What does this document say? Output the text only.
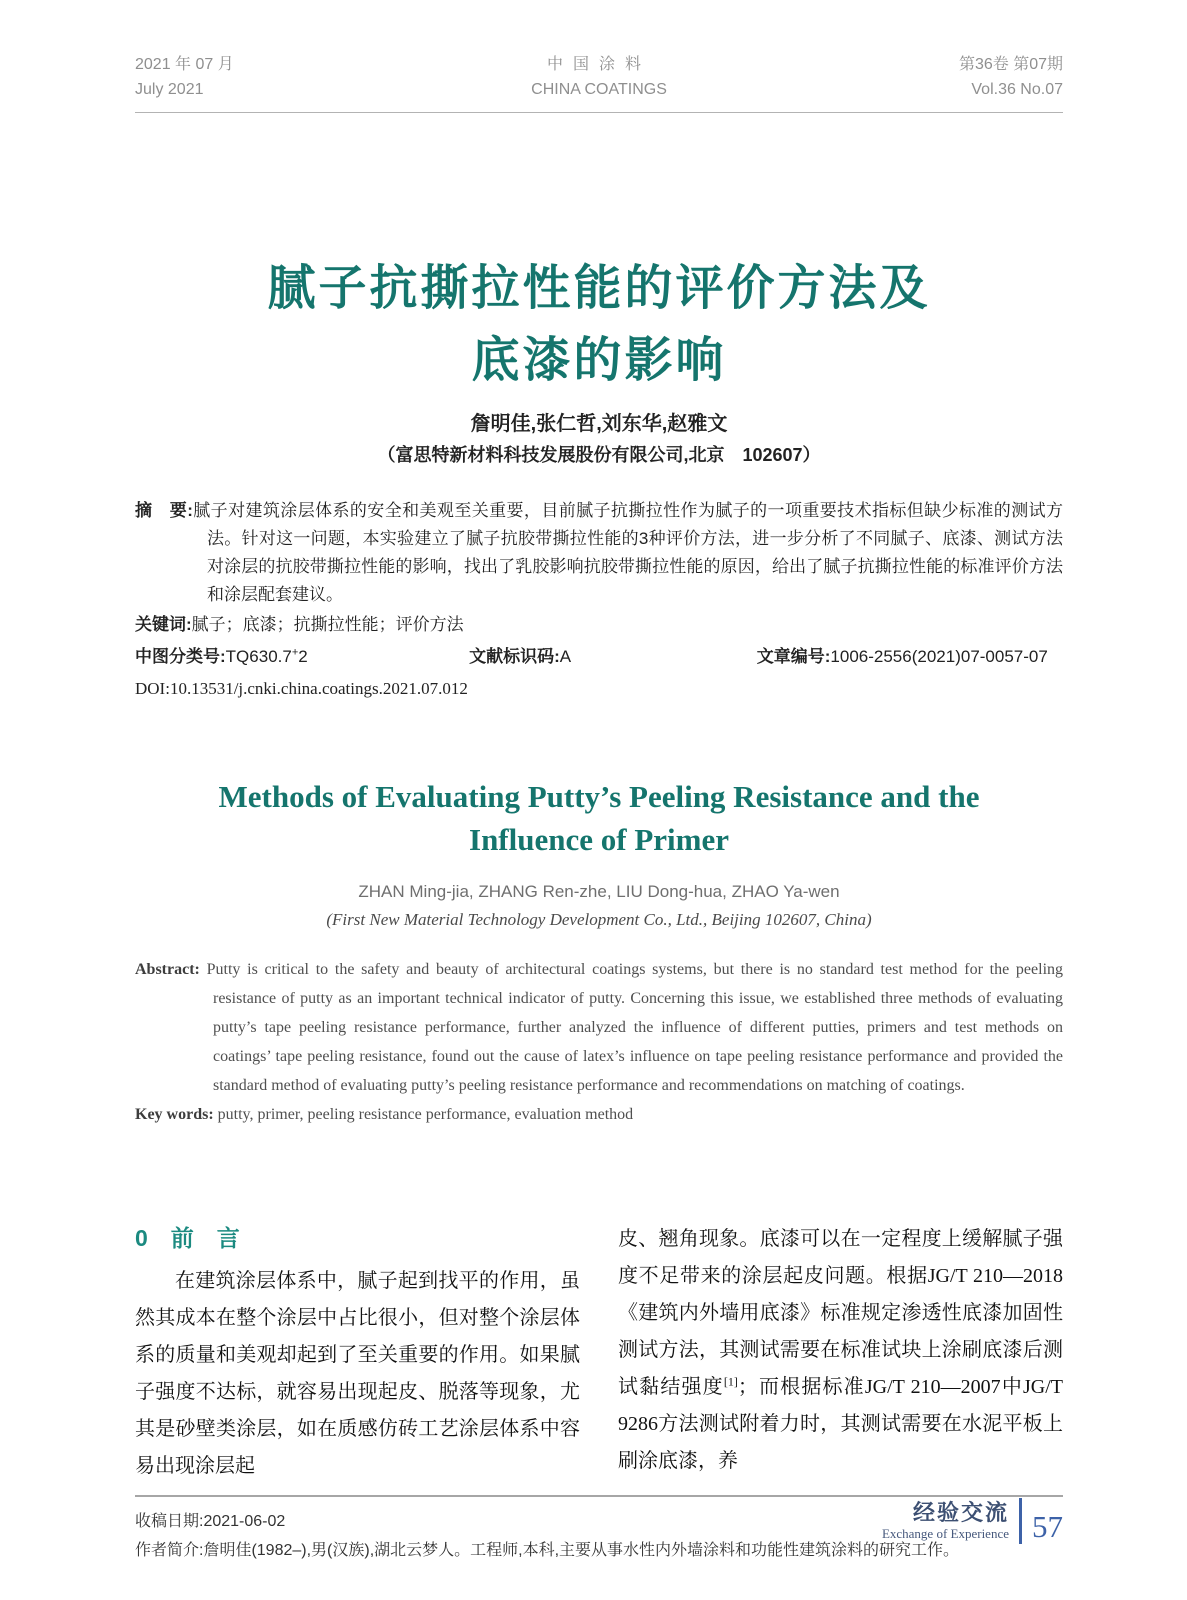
2021 年 07 月
July 2021
中国涂料
CHINA COATINGS
第36卷 第07期
Vol.36 No.07
腻子抗撕拉性能的评价方法及
底漆的影响
詹明佳,张仁哲,刘东华,赵雅文
（富思特新材料科技发展股份有限公司,北京　102607）
摘　要:腻子对建筑涂层体系的安全和美观至关重要，目前腻子抗撕拉性作为腻子的一项重要技术指标但缺少标准的测试方法。针对这一问题，本实验建立了腻子抗胶带撕拉性能的3种评价方法，进一步分析了不同腻子、底漆、测试方法对涂层的抗胶带撕拉性能的影响，找出了乳胶影响抗胶带撕拉性能的原因，给出了腻子抗撕拉性能的标准评价方法和涂层配套建议。
关键词:腻子；底漆；抗撕拉性能；评价方法
中图分类号:TQ630.7+2	文献标识码:A	文章编号:1006-2556(2021)07-0057-07
DOI:10.13531/j.cnki.china.coatings.2021.07.012
Methods of Evaluating Putty’s Peeling Resistance and the
Influence of Primer
ZHAN Ming-jia, ZHANG Ren-zhe, LIU Dong-hua, ZHAO Ya-wen
(First New Material Technology Development Co., Ltd., Beijing 102607, China)
Abstract: Putty is critical to the safety and beauty of architectural coatings systems, but there is no standard test method for the peeling resistance of putty as an important technical indicator of putty. Concerning this issue, we established three methods of evaluating putty’s tape peeling resistance performance, further analyzed the influence of different putties, primers and test methods on coatings’ tape peeling resistance, found out the cause of latex’s influence on tape peeling resistance performance and provided the standard method of evaluating putty’s peeling resistance performance and recommendations on matching of coatings.
Key words: putty, primer, peeling resistance performance, evaluation method
0　前　言
在建筑涂层体系中，腻子起到找平的作用，虽然其成本在整个涂层中占比很小，但对整个涂层体系的质量和美观却起到了至关重要的作用。如果腻子强度不达标，就容易出现起皮、脱落等现象，尤其是砂壁类涂层，如在质感仿砖工艺涂层体系中容易出现涂层起
皮、翘角现象。底漆可以在一定程度上缓解腻子强度不足带来的涂层起皮问题。根据JG/T 210—2018《建筑内外墙用底漆》标准规定渗透性底漆加固性测试方法，其测试需要在标准试块上涂刷底漆后测试黏结强度[1]；而根据标准JG/T 210—2007中JG/T 9286方法测试附着力时，其测试需要在水泥平板上刷涂底漆，养
收稿日期:2021-06-02
作者简介:詹明佳(1982–),男(汉族),湖北云梦人。工程师,本科,主要从事水性内外墙涂料和功能性建筑涂料的研究工作。
经验交流
Exchange of Experience 57
